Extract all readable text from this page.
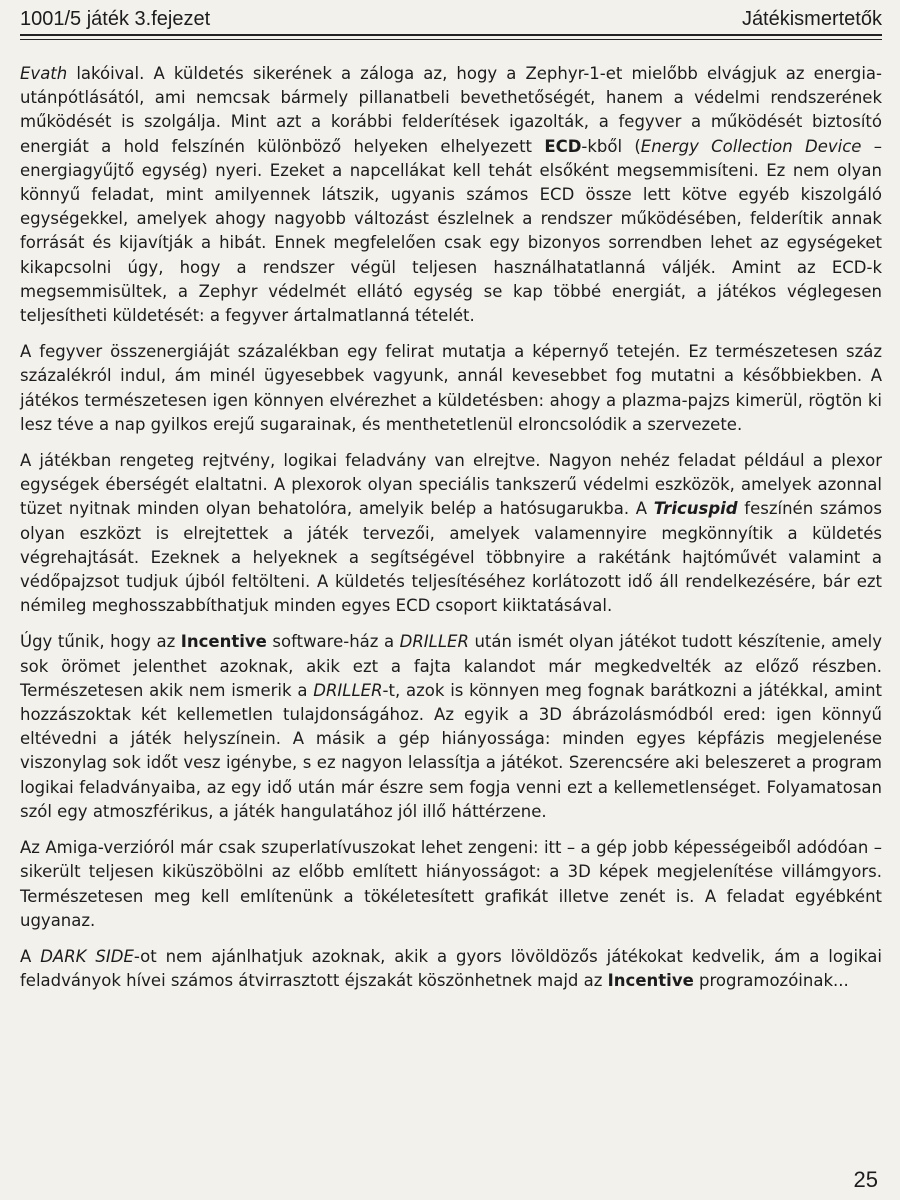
1001/5 játék 3.fejezet	Játékismertetők

Evath lakóival. A küldetés sikerének a záloga az, hogy a Zephyr-1-et mielőbb elvágjuk az energia-utánpótlásától, ami nemcsak bármely pillanatbeli bevethetőségét, hanem a védelmi rendszerének működését is szolgálja. Mint azt a korábbi felderítések igazolták, a fegyver a működését biztosító energiát a hold felszínén különböző helyeken elhelyezett ECD-kből (Energy Collection Device – energiagyűjtő egység) nyeri. Ezeket a napcellákat kell tehát elsőként megsemmisíteni. Ez nem olyan könnyű feladat, mint amilyennek látszik, ugyanis számos ECD össze lett kötve egyéb kiszolgáló egységekkel, amelyek ahogy nagyobb változást észlelnek a rendszer működésében, felderítik annak forrását és kijavítják a hibát. Ennek megfelelően csak egy bizonyos sorrendben lehet az egységeket kikapcsolni úgy, hogy a rendszer végül teljesen használhatatlanná váljék. Amint az ECD-k megsemmisültek, a Zephyr védelmét ellátó egység se kap többé energiát, a játékos véglegesen teljesítheti küldetését: a fegyver ártalmatlanná tételét.

A fegyver összenergiáját százalékban egy felirat mutatja a képernyő tetején. Ez természetesen száz százalékról indul, ám minél ügyesebbek vagyunk, annál kevesebbet fog mutatni a későbbiekben. A játékos természetesen igen könnyen elvérezhet a küldetésben: ahogy a plazma-pajzs kimerül, rögtön ki lesz téve a nap gyilkos erejű sugarainak, és menthetetlenül elroncsolódik a szervezete.

A játékban rengeteg rejtvény, logikai feladvány van elrejtve. Nagyon nehéz feladat például a plexor egységek éberségét elaltatni. A plexorok olyan speciális tankszerű védelmi eszközök, amelyek azonnal tüzet nyitnak minden olyan behatolóra, amelyik belép a hatósugarukba. A Tricuspid feszínén számos olyan eszközt is elrejtettek a játék tervezői, amelyek valamennyire megkönnyítik a küldetés végrehajtását. Ezeknek a helyeknek a segítségével többnyire a rakétánk hajtóművét valamint a védőpajzsot tudjuk újból feltölteni. A küldetés teljesítéséhez korlátozott idő áll rendelkezésére, bár ezt némileg meghosszabbíthatjuk minden egyes ECD csoport kiiktatásával.

Úgy tűnik, hogy az Incentive software-ház a DRILLER után ismét olyan játékot tudott készítenie, amely sok örömet jelenthet azoknak, akik ezt a fajta kalandot már megkedvelték az előző részben. Természetesen akik nem ismerik a DRILLER-t, azok is könnyen meg fognak barátkozni a játékkal, amint hozzászoktak két kellemetlen tulajdonságához. Az egyik a 3D ábrázolásmódból ered: igen könnyű eltévedni a játék helyszínein. A másik a gép hiányossága: minden egyes képfázis megjelenése viszonylag sok időt vesz igénybe, s ez nagyon lelassítja a játékot. Szerencsére aki beleszeret a program logikai feladványaiba, az egy idő után már észre sem fogja venni ezt a kellemetlenséget. Folyamatosan szól egy atmoszférikus, a játék hangulatához jól illő háttérzene.

Az Amiga-verzióról már csak szuperlatívuszokat lehet zengeni: itt – a gép jobb képességeiből adódóan – sikerült teljesen kiküszöbölni az előbb említett hiányosságot: a 3D képek megjelenítése villámgyors. Természetesen meg kell említenünk a tökéletesített grafikát illetve zenét is. A feladat egyébként ugyanaz.

A DARK SIDE-ot nem ajánlhatjuk azoknak, akik a gyors lövöldözős játékokat kedvelik, ám a logikai feladványok hívei számos átvirrasztott éjszakát köszönhetnek majd az Incentive programozóinak...

25
